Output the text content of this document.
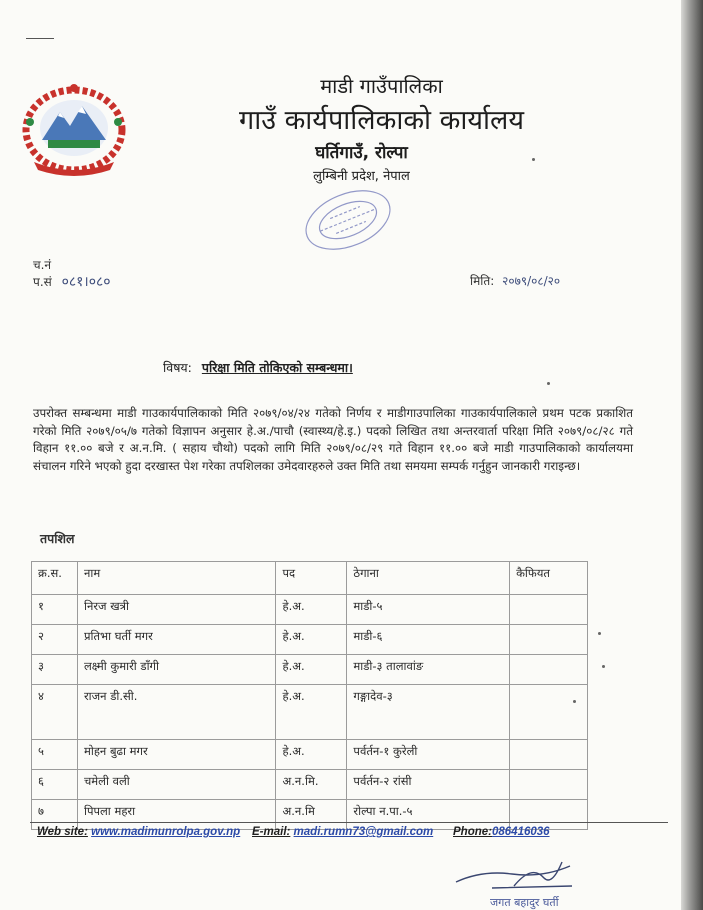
माडी गाउँपालिका
गाउँ कार्यपालिकाको कार्यालय
घर्तिगाउँ, रोल्पा
लुम्बिनी प्रदेश, नेपाल
च.नं
प.सं ०८१।०८०	मिति: २०७९/०८/२०
विषय: परिक्षा मिति तोकिएको सम्बन्धमा।
उपरोक्त सम्बन्धमा माडी गाउकार्यपालिकाको मिति २०७९/०४/२४ गतेको निर्णय र माडीगाउपालिका गाउकार्यपालिकाले प्रथम पटक प्रकाशित गरेको मिति २०७९/०५/७ गतेको विज्ञापन अनुसार हे.अ./पाचौ (स्वास्थ्य/हे.इ.) पदको लिखित तथा अन्तरवार्ता परिक्षा मिति २०७९/०८/२८ गते विहान ११.०० बजे र अ.न.मि. ( सहाय चौथो) पदको लागि मिति २०७९/०८/२९ गते विहान ११.०० बजे माडी गाउपालिकाको कार्यालयमा संचालन गरिने भएको हुदा दरखास्त पेश गरेका तपशिलका उमेदवारहरुले उक्त मिति तथा समयमा सम्पर्क गर्नुहुन जानकारी गराइन्छ।
तपशिल
क्र.स.	नाम	पद	ठेगाना	कैफियत
१	निरज खत्री	हे.अ.	माडी-५	
२	प्रतिभा घर्ती मगर	हे.अ.	माडी-६	
३	लक्ष्मी कुमारी डाँगी	हे.अ.	माडी-३ तालावांङ	
४	राजन डी.सी.	हे.अ.	गङ्गादेव-३	
५	मोहन बुढा मगर	हे.अ.	पर्वर्तन-१ कुरेली	
६	चमेली वली	अ.न.मि.	पर्वर्तन-२ रांसी	
७	पिपला महरा	अ.न.मि	रोल्पा न.पा.-५	
Web site: www.madimunrolpa.gov.np E-mail: madi.rumn73@gmail.com Phone:086416036
जगत बहादुर घर्ती
